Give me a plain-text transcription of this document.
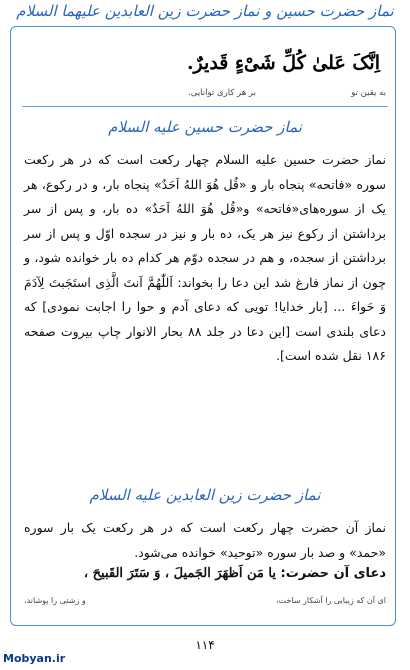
نماز حضرت حسین و نماز حضرت زین العابدین علیهما السلام
اِنَّکَ عَلیٰ کُلِّ شَیْءٍ قَدیرٌ.
به یقین تو
بر هر کاری توانایی.
نماز حضرت حسین علیه السلام
نماز حضرت حسین علیه السلام چهار رکعت است که در هر رکعت سوره «فاتحه» پنجاه بار و «قُل هُوَ اللهُ اَحَدٌ» پنجاه بار، و در رکوع، هر یک از سوره‌های«فاتحه» و«قُل هُوَ اللهُ اَحَدٌ» ده بار، و پس از سر برداشتن از رکوع نیز هر یک، ده بار و نیز در سجده اوّل و پس از سر برداشتن از سجده، و هم در سجده دوّم هر کدام ده بار خوانده شود، و چون از نماز فارغ شد این دعا را بخواند: اَللّٰهُمَّ اَنتَ الَّذِی استَجَبتَ لِآدَمَ وَ حَواءَ ... [بار خدایا! تویی که دعای آدم و حوا را اجابت نمودی] که دعای بلندی است [این دعا در جلد ۸۸ بحار الانوار چاپ بیروت صفحه ۱۸۶ نقل شده است].
نماز حضرت زین العابدین علیه السلام
نماز آن حضرت چهار رکعت است که در هر رکعت یک بار سوره «حمد» و صد بار سوره «توحید» خوانده می‌شود.
دعای آن حضرت: یا مَن اَظهَرَ الجَمیلَ ، وَ سَتَرَ القَبیحَ ،
ای آن که زیبایی را آشکار ساخت،
و زشتی را پوشاند،
۱۱۴
Mobyan.ir
